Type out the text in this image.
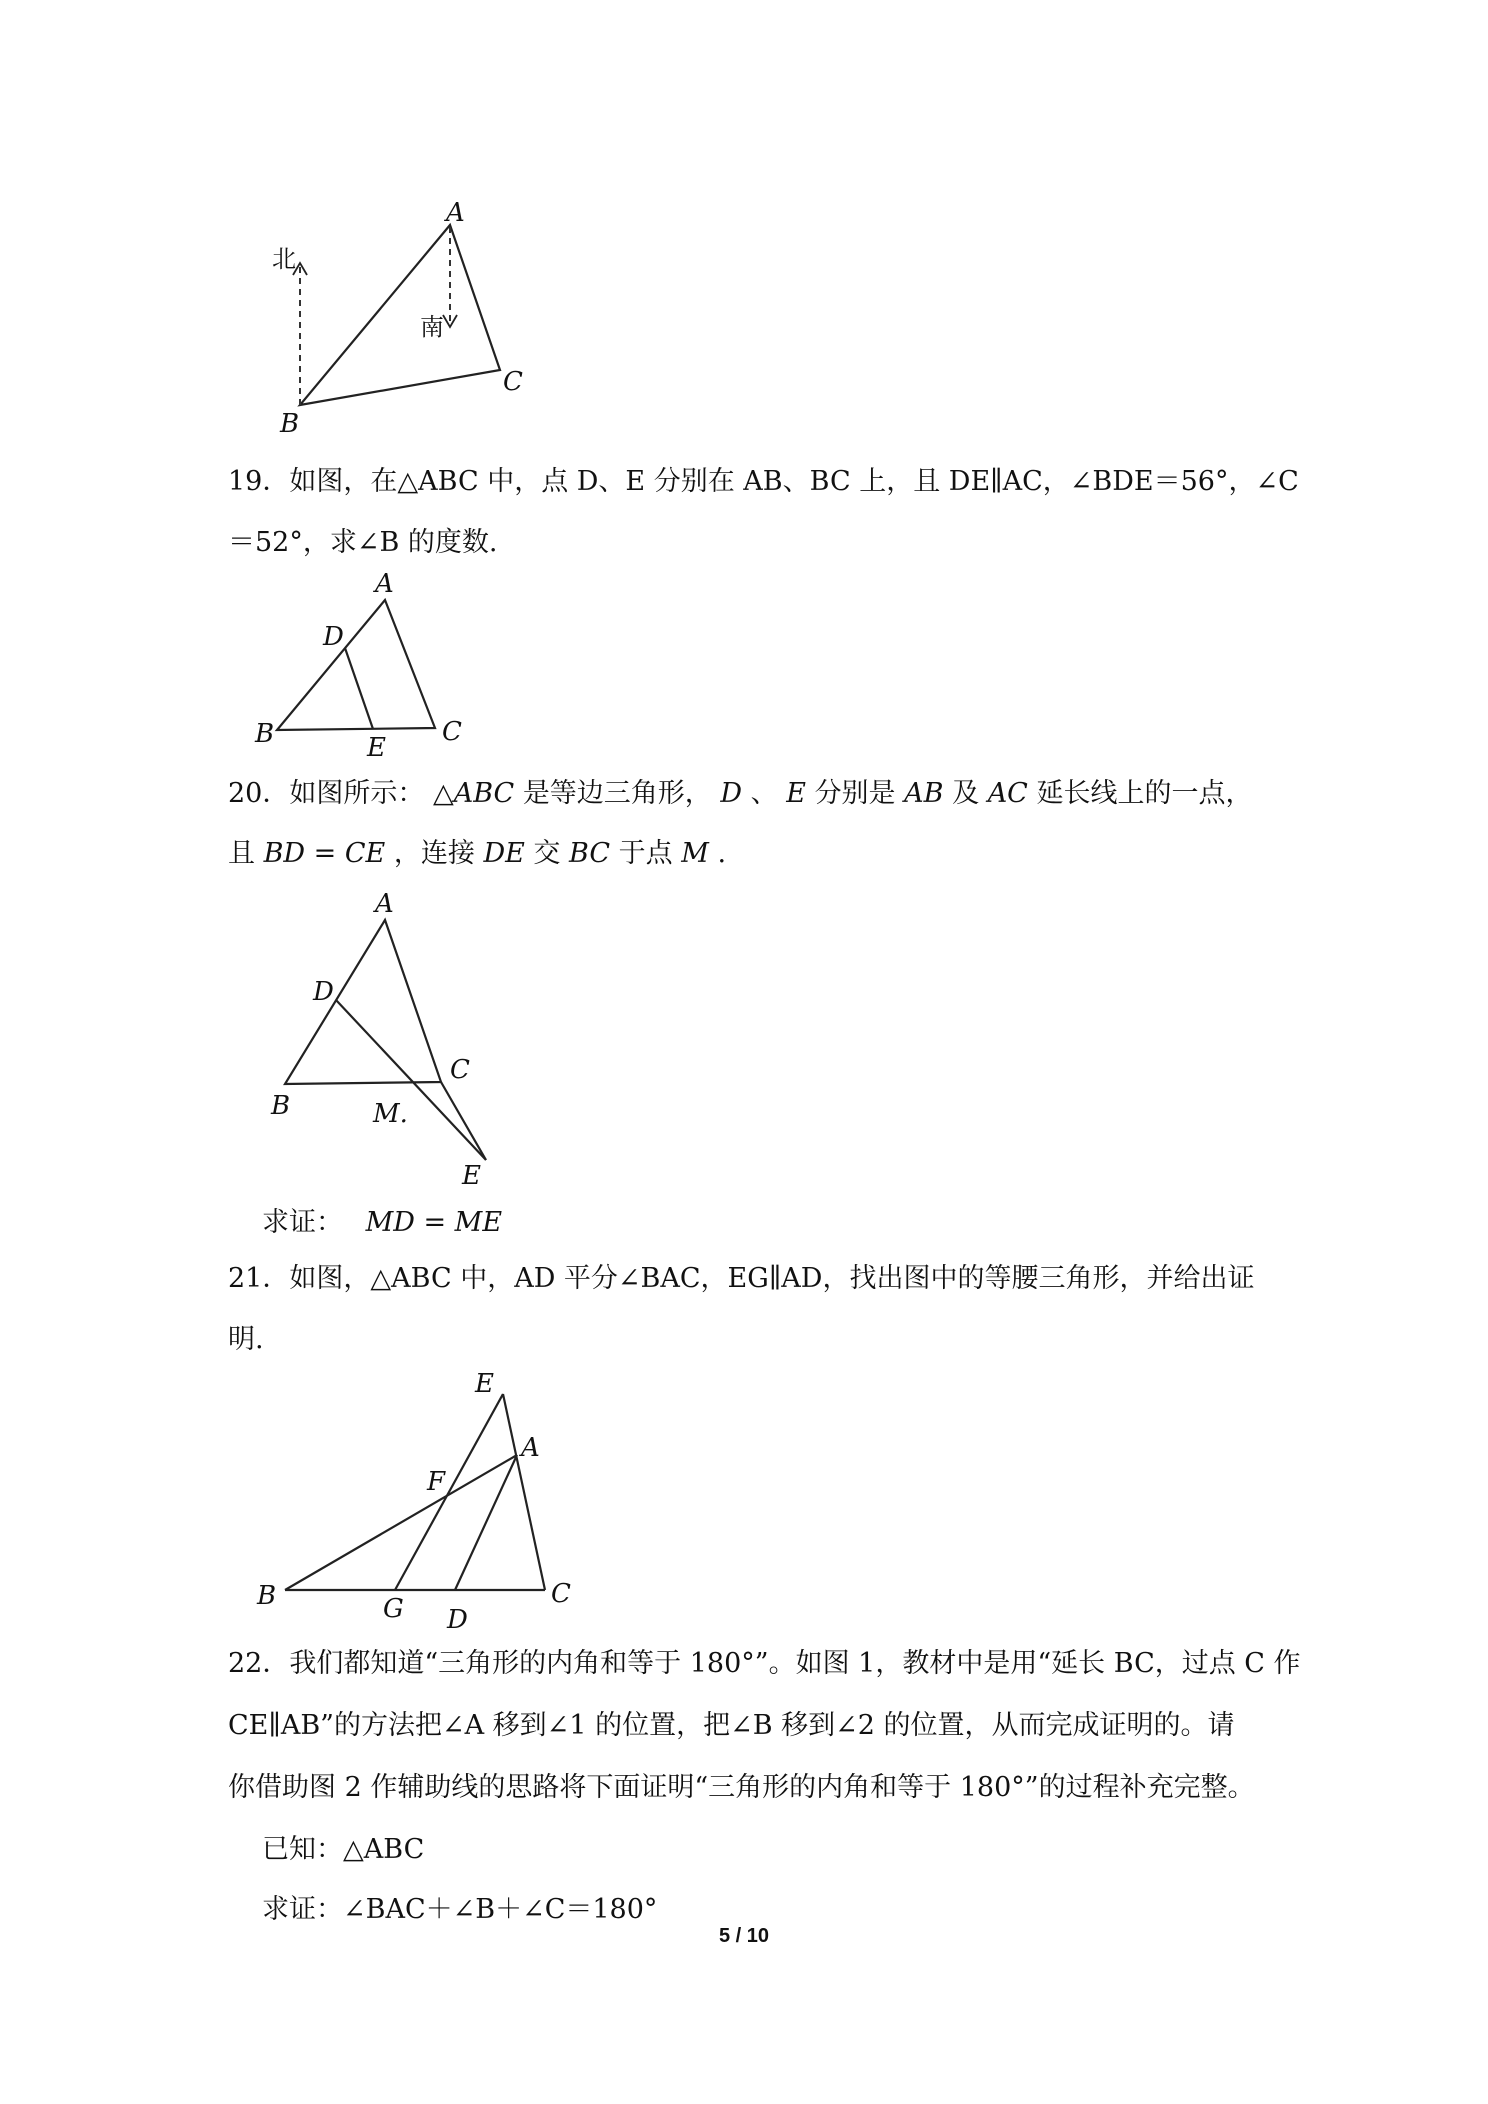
A
B
C
北
南
19．如图，在△ABC 中，点 D、E 分别在 AB、BC 上，且 DE∥AC，∠BDE＝56°，∠C
＝52°，求∠B 的度数.
A
B	C
D
E
20．如图所示： △ABC 是等边三角形， D 、 E 分别是 AB 及 AC 延长线上的一点，
且 BD = CE ，连接 DE 交 BC 于点 M .
A
B
C
D
E
M.
求证： MD = ME
21．如图，△ABC 中，AD 平分∠BAC，EG∥AD，找出图中的等腰三角形，并给出证
明.
E
A
F
B	G D
C
22．我们都知道“三角形的内角和等于 180°”。如图 1，教材中是用“延长 BC，过点 C 作
CE∥AB”的方法把∠A 移到∠1 的位置，把∠B 移到∠2 的位置，从而完成证明的。请
你借助图 2 作辅助线的思路将下面证明“三角形的内角和等于 180°”的过程补充完整。
已知：△ABC
求证：∠BAC＋∠B＋∠C＝180°
5 / 10
